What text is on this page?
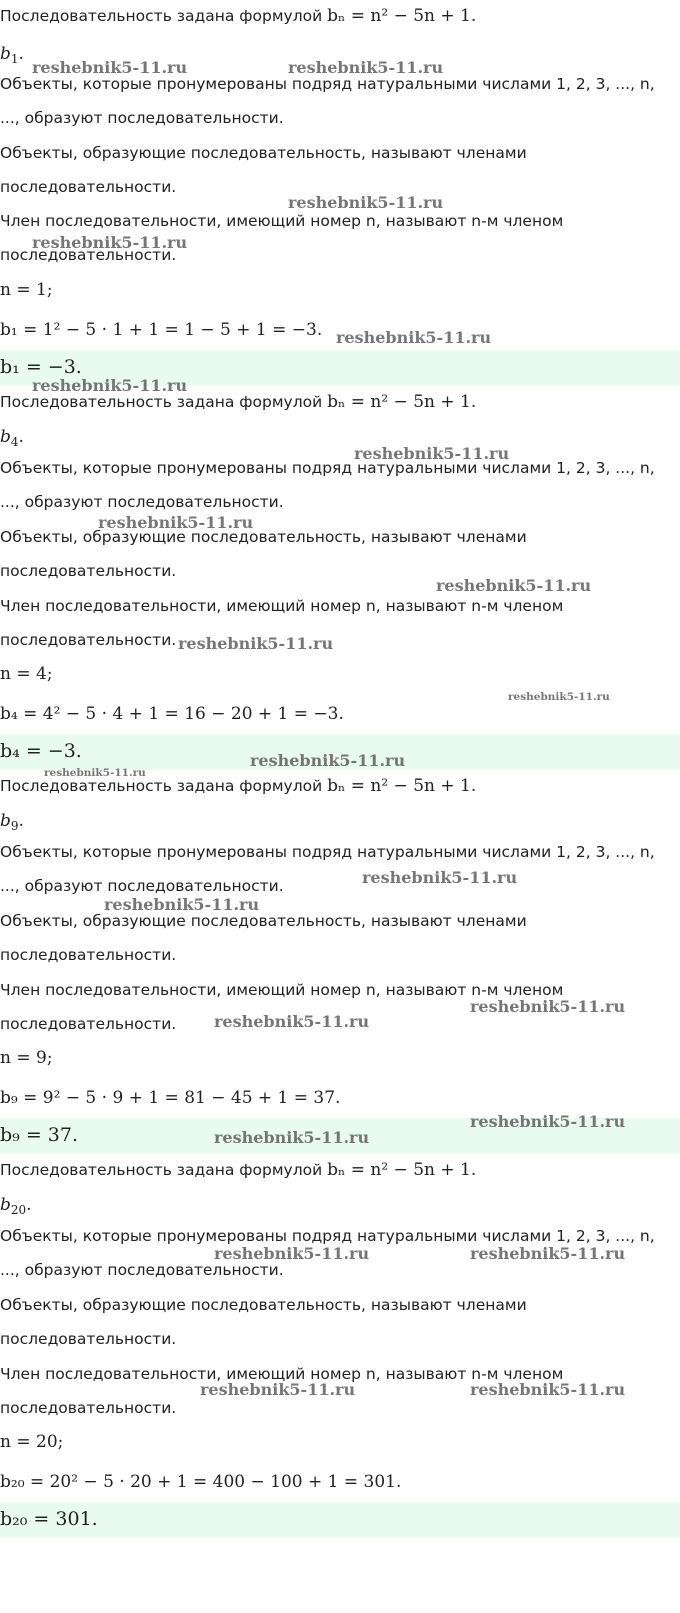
Последовательность задана формулой bₙ = n² − 5n + 1.
$b_1$.
Объекты, которые пронумерованы подряд натуральными числами 1, 2, 3, ..., n,
..., образуют последовательности.
Объекты, образующие последовательность, называют членами
последовательности.
Член последовательности, имеющий номер n, называют n-м членом
последовательности.
n = 1;
b₁ = 1² − 5 · 1 + 1 = 1 − 5 + 1 = −3.
b₁ = −3.
Последовательность задана формулой bₙ = n² − 5n + 1.
$b_4$.
Объекты, которые пронумерованы подряд натуральными числами 1, 2, 3, ..., n,
..., образуют последовательности.
Объекты, образующие последовательность, называют членами
последовательности.
Член последовательности, имеющий номер n, называют n-м членом
последовательности.
n = 4;
b₄ = 4² − 5 · 4 + 1 = 16 − 20 + 1 = −3.
b₄ = −3.
Последовательность задана формулой bₙ = n² − 5n + 1.
$b_9$.
Объекты, которые пронумерованы подряд натуральными числами 1, 2, 3, ..., n,
..., образуют последовательности.
Объекты, образующие последовательность, называют членами
последовательности.
Член последовательности, имеющий номер n, называют n-м членом
последовательности.
n = 9;
b₉ = 9² − 5 · 9 + 1 = 81 − 45 + 1 = 37.
b₉ = 37.
Последовательность задана формулой bₙ = n² − 5n + 1.
$b_{20}$.
Объекты, которые пронумерованы подряд натуральными числами 1, 2, 3, ..., n,
..., образуют последовательности.
Объекты, образующие последовательность, называют членами
последовательности.
Член последовательности, имеющий номер n, называют n-м членом
последовательности.
n = 20;
b₂₀ = 20² − 5 · 20 + 1 = 400 − 100 + 1 = 301.
b₂₀ = 301.
reshebnik5-11.ru	reshebnik5-11.ru
reshebnik5-11.ru
reshebnik5-11.ru
reshebnik5-11.ru
reshebnik5-11.ru
reshebnik5-11.ru
reshebnik5-11.ru
reshebnik5-11.ru
reshebnik5-11.ru
reshebnik5-11.ru
reshebnik5-11.ru
reshebnik5-11.ru
reshebnik5-11.ru
reshebnik5-11.ru
reshebnik5-11.ru
reshebnik5-11.ru
reshebnik5-11.ru
reshebnik5-11.ru
reshebnik5-11.ru	reshebnik5-11.ru
reshebnik5-11.ru	reshebnik5-11.ru
